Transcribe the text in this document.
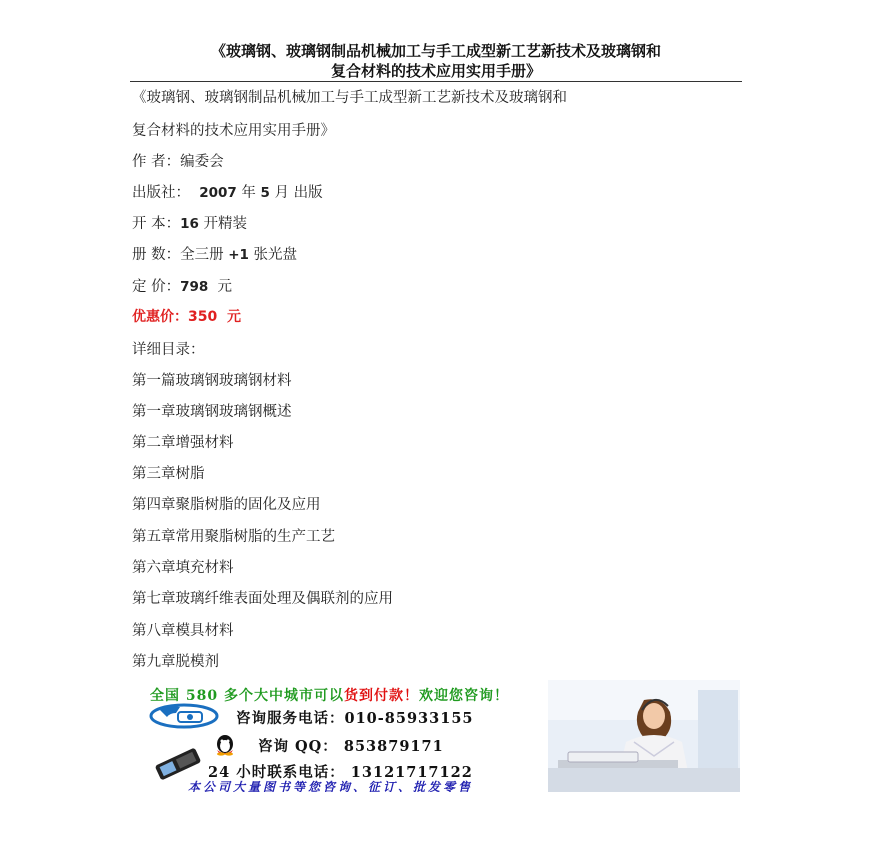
《玻璃钢、玻璃钢制品机械加工与手工成型新工艺新技术及玻璃钢和
复合材料的技术应用实用手册》
《玻璃钢、玻璃钢制品机械加工与手工成型新工艺新技术及玻璃钢和
复合材料的技术应用实用手册》
作 者：编委会
出版社： 2007 年 5 月 出版
开 本：16 开精装
册 数：全三册 +1 张光盘
定 价：798 元
优惠价：350 元
详细目录：
第一篇玻璃钢玻璃钢材料
第一章玻璃钢玻璃钢概述
第二章增强材料
第三章树脂
第四章聚脂树脂的固化及应用
第五章常用聚脂树脂的生产工艺
第六章填充材料
第七章玻璃纤维表面处理及偶联剂的应用
第八章模具材料
第九章脱模剂
全国 580 多个大中城市可以货到付款！欢迎您咨询！
咨询服务电话：010-85933155
咨询 QQ： 853879171
24 小时联系电话： 13121717122
本公司大量图书等您咨询、征订、批发零售
